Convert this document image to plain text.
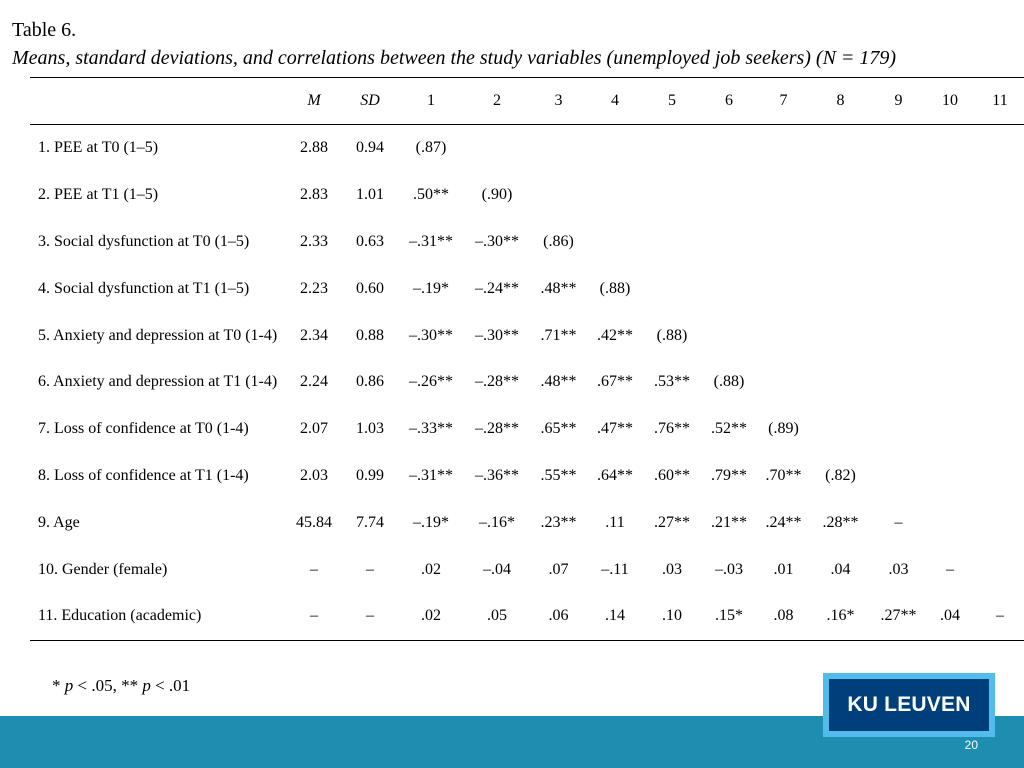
Table 6.
Means, standard deviations, and correlations between the study variables (unemployed job seekers) (N = 179)
	M	SD	1	2	3	4	5	6	7	8	9	10	11
1. PEE at T0 (1–5)	2.88	0.94	(.87)										
2. PEE at T1 (1–5)	2.83	1.01	.50**	(.90)									
3. Social dysfunction at T0 (1–5)	2.33	0.63	–.31**	–.30**	(.86)								
4. Social dysfunction at T1 (1–5)	2.23	0.60	–.19*	–.24**	.48**	(.88)							
5. Anxiety and depression at T0 (1-4)	2.34	0.88	–.30**	–.30**	.71**	.42**	(.88)						
6. Anxiety and depression at T1 (1-4)	2.24	0.86	–.26**	–.28**	.48**	.67**	.53**	(.88)					
7. Loss of confidence at T0 (1-4)	2.07	1.03	–.33**	–.28**	.65**	.47**	.76**	.52**	(.89)				
8. Loss of confidence at T1 (1-4)	2.03	0.99	–.31**	–.36**	.55**	.64**	.60**	.79**	.70**	(.82)			
9. Age	45.84	7.74	–.19*	–.16*	.23**	.11	.27**	.21**	.24**	.28**	–		
10. Gender (female)	–	–	.02	–.04	.07	–.11	.03	–.03	.01	.04	.03	–	
11. Education (academic)	–	–	.02	.05	.06	.14	.10	.15*	.08	.16*	.27**	.04	–
* p < .05, ** p < .01
KU LEUVEN
20
